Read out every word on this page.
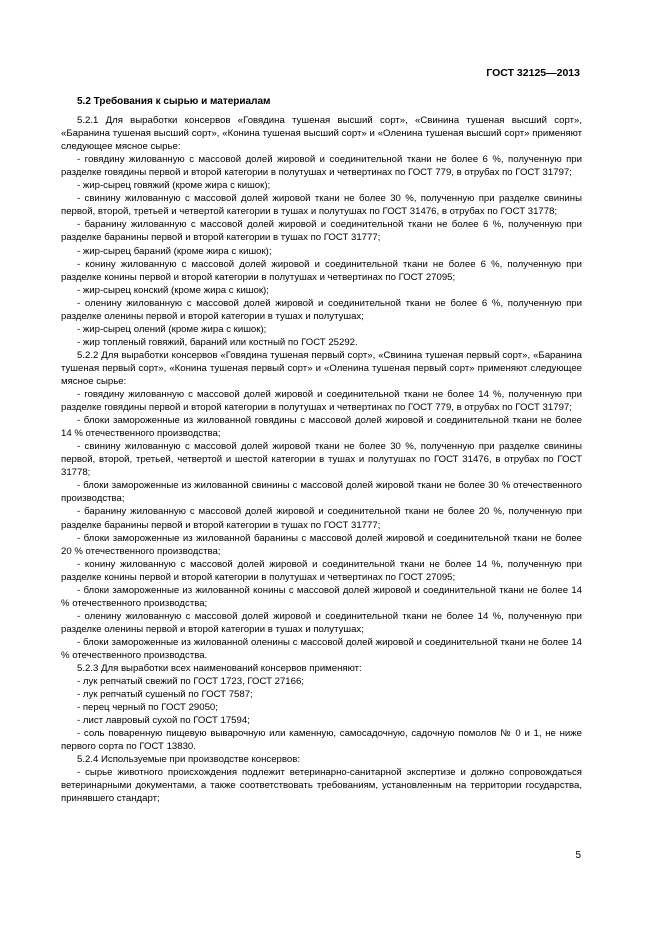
ГОСТ 32125—2013
5.2 Требования к сырью и материалам

5.2.1 Для выработки консервов «Говядина тушеная высший сорт», «Свинина тушеная высший сорт», «Баранина тушеная высший сорт», «Конина тушеная высший сорт» и «Оленина тушеная высший сорт» применяют следующее мясное сырье:

- говядину жилованную с массовой долей жировой и соединительной ткани не более 6 %, полученную при разделке говядины первой и второй категории в полутушах и четвертинах по ГОСТ 779, в отрубах по ГОСТ 31797;

- жир-сырец говяжий (кроме жира с кишок);

- свинину жилованную с массовой долей жировой ткани не более 30 %, полученную при разделке свинины первой, второй, третьей и четвертой категории в тушах и полутушах по ГОСТ 31476, в отрубах по ГОСТ 31778;

- баранину жилованную с массовой долей жировой и соединительной ткани не более 6 %, полученную при разделке баранины первой и второй категории в тушах по ГОСТ 31777;

- жир-сырец бараний (кроме жира с кишок);

- конину жилованную с массовой долей жировой и соединительной ткани не более 6 %, полученную при разделке конины первой и второй категории в полутушах и четвертинах по ГОСТ 27095;

- жир-сырец конский (кроме жира с кишок);

- оленину жилованную с массовой долей жировой и соединительной ткани не более 6 %, полученную при разделке оленины первой и второй категории в тушах и полутушах;

- жир-сырец олений (кроме жира с кишок);

- жир топленый говяжий, бараний или костный по ГОСТ 25292.

5.2.2 Для выработки консервов «Говядина тушеная первый сорт», «Свинина тушеная первый сорт», «Баранина тушеная первый сорт», «Конина тушеная первый сорт» и «Оленина тушеная первый сорт» применяют следующее мясное сырье:

- говядину жилованную с массовой долей жировой и соединительной ткани не более 14 %, полученную при разделке говядины первой и второй категории в полутушах и четвертинах по ГОСТ 779, в отрубах по ГОСТ 31797;

- блоки замороженные из жилованной говядины с массовой долей жировой и соединительной ткани не более 14 % отечественного производства;

- свинину жилованную с массовой долей жировой ткани не более 30 %, полученную при разделке свинины первой, второй, третьей, четвертой и шестой категории в тушах и полутушах по ГОСТ 31476, в отрубах по ГОСТ 31778;

- блоки замороженные из жилованной свинины с массовой долей жировой ткани не более 30 % отечественного производства;

- баранину жилованную с массовой долей жировой и соединительной ткани не более 20 %, полученную при разделке баранины первой и второй категории в тушах по ГОСТ 31777;

- блоки замороженные из жилованной баранины с массовой долей жировой и соединительной ткани не более 20 % отечественного производства;

- конину жилованную с массовой долей жировой и соединительной ткани не более 14 %, полученную при разделке конины первой и второй категории в полутушах и четвертинах по ГОСТ 27095;

- блоки замороженные из жилованной конины с массовой долей жировой и соединительной ткани не более 14 % отечественного производства;

- оленину жилованную с массовой долей жировой и соединительной ткани не более 14 %, полученную при разделке оленины первой и второй категории в тушах и полутушах;

- блоки замороженные из жилованной оленины с массовой долей жировой и соединительной ткани не более 14 % отечественного производства.

5.2.3 Для выработки всех наименований консервов применяют:

- лук репчатый свежий по ГОСТ 1723, ГОСТ 27166;

- лук репчатый сушеный по ГОСТ 7587;

- перец черный по ГОСТ 29050;

- лист лавровый сухой по ГОСТ 17594;

- соль поваренную пищевую выварочную или каменную, самосадочную, садочную помолов № 0 и 1, не ниже первого сорта по ГОСТ 13830.

5.2.4 Используемые при производстве консервов:

- сырье животного происхождения подлежит ветеринарно-санитарной экспертизе и должно сопровождаться ветеринарными документами, а также соответствовать требованиям, установленным на территории государства, принявшего стандарт;

5
